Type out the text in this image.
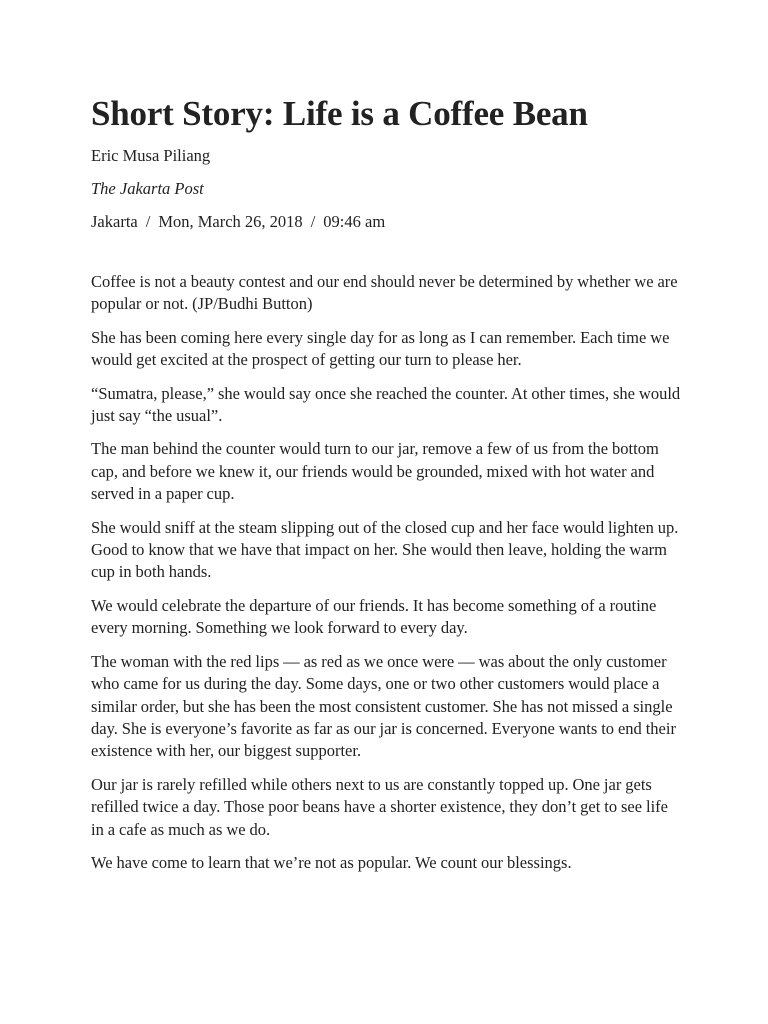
Short Story: Life is a Coffee Bean
Eric Musa Piliang
The Jakarta Post
Jakarta / Mon, March 26, 2018 / 09:46 am

Coffee is not a beauty contest and our end should never be determined by whether we are popular or not. (JP/Budhi Button)

She has been coming here every single day for as long as I can remember. Each time we would get excited at the prospect of getting our turn to please her.

“Sumatra, please,” she would say once she reached the counter. At other times, she would just say “the usual”.

The man behind the counter would turn to our jar, remove a few of us from the bottom cap, and before we knew it, our friends would be grounded, mixed with hot water and served in a paper cup.

She would sniff at the steam slipping out of the closed cup and her face would lighten up. Good to know that we have that impact on her. She would then leave, holding the warm cup in both hands.

We would celebrate the departure of our friends. It has become something of a routine every morning. Something we look forward to every day.

The woman with the red lips — as red as we once were — was about the only customer who came for us during the day. Some days, one or two other customers would place a similar order, but she has been the most consistent customer. She has not missed a single day. She is everyone’s favorite as far as our jar is concerned. Everyone wants to end their existence with her, our biggest supporter.

Our jar is rarely refilled while others next to us are constantly topped up. One jar gets refilled twice a day. Those poor beans have a shorter existence, they don’t get to see life in a cafe as much as we do.

We have come to learn that we’re not as popular. We count our blessings.
